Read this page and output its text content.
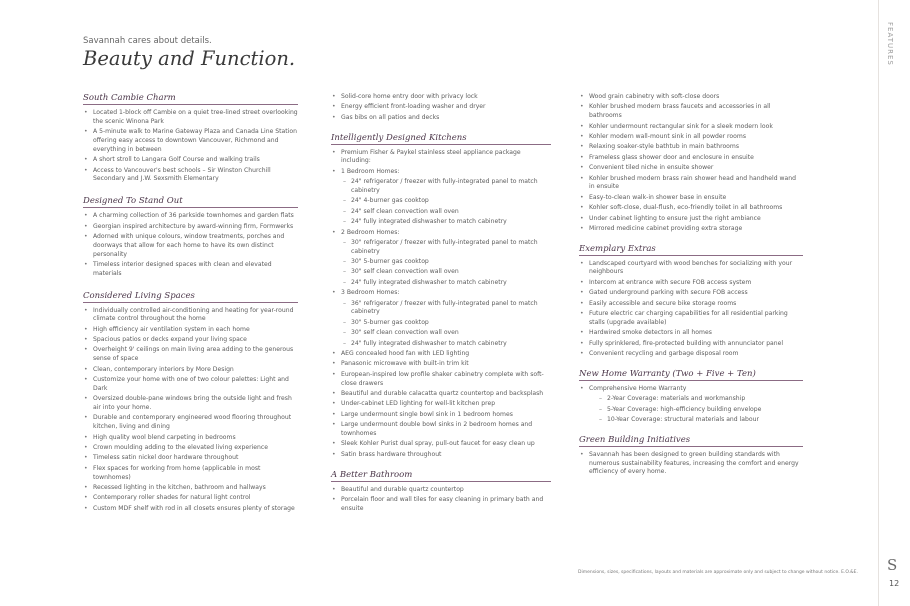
FEATURES
S
12
Savannah cares about details.
Beauty and Function.
South Cambie Charm
• Located 1-block off Cambie on a quiet tree-lined street overlooking the scenic Winona Park
• A 5-minute walk to Marine Gateway Plaza and Canada Line Station offering easy access to downtown Vancouver, Richmond and everything in between
• A short stroll to Langara Golf Course and walking trails
• Access to Vancouver's best schools – Sir Winston Churchill Secondary and J.W. Sexsmith Elementary
Designed To Stand Out
• A charming collection of 36 parkside townhomes and garden flats
• Georgian inspired architecture by award-winning firm, Formwerks
• Adorned with unique colours, window treatments, porches and doorways that allow for each home to have its own distinct personality
• Timeless interior designed spaces with clean and elevated materials
Considered Living Spaces
• Individually controlled air-conditioning and heating for year-round climate control throughout the home
• High efficiency air ventilation system in each home
• Spacious patios or decks expand your living space
• Overheight 9' ceilings on main living area adding to the generous sense of space
• Clean, contemporary interiors by More Design
• Customize your home with one of two colour palettes: Light and Dark
• Oversized double-pane windows bring the outside light and fresh air into your home.
• Durable and contemporary engineered wood flooring throughout kitchen, living and dining
• High quality wool blend carpeting in bedrooms
• Crown moulding adding to the elevated living experience
• Timeless satin nickel door hardware throughout
• Flex spaces for working from home (applicable in most townhomes)
• Recessed lighting in the kitchen, bathroom and hallways
• Contemporary roller shades for natural light control
• Custom MDF shelf with rod in all closets ensures plenty of storage
• Solid-core home entry door with privacy lock
• Energy efficient front-loading washer and dryer
• Gas bibs on all patios and decks
Intelligently Designed Kitchens
• Premium Fisher & Paykel stainless steel appliance package including:
• 1 Bedroom Homes:
– 24" refrigerator / freezer with fully-integrated panel to match cabinetry
– 24" 4-burner gas cooktop
– 24" self clean convection wall oven
– 24" fully integrated dishwasher to match cabinetry
• 2 Bedroom Homes:
– 30" refrigerator / freezer with fully-integrated panel to match cabinetry
– 30" 5-burner gas cooktop
– 30" self clean convection wall oven
– 24" fully integrated dishwasher to match cabinetry
• 3 Bedroom Homes:
– 36" refrigerator / freezer with fully-integrated panel to match cabinetry
– 30" 5-burner gas cooktop
– 30" self clean convection wall oven
– 24" fully integrated dishwasher to match cabinetry
• AEG concealed hood fan with LED lighting
• Panasonic microwave with built-in trim kit
• European-inspired low profile shaker cabinetry complete with soft-close drawers
• Beautiful and durable calacatta quartz countertop and backsplash
• Under-cabinet LED lighting for well-lit kitchen prep
• Large undermount single bowl sink in 1 bedroom homes
• Large undermount double bowl sinks in 2 bedroom homes and townhomes
• Sleek Kohler Purist dual spray, pull-out faucet for easy clean up
• Satin brass hardware throughout
A Better Bathroom
• Beautiful and durable quartz countertop
• Porcelain floor and wall tiles for easy cleaning in primary bath and ensuite
• Wood grain cabinetry with soft-close doors
• Kohler brushed modern brass faucets and accessories in all bathrooms
• Kohler undermount rectangular sink for a sleek modern look
• Kohler modern wall-mount sink in all powder rooms
• Relaxing soaker-style bathtub in main bathrooms
• Frameless glass shower door and enclosure in ensuite
• Convenient tiled niche in ensuite shower
• Kohler brushed modern brass rain shower head and handheld wand in ensuite
• Easy-to-clean walk-in shower base in ensuite
• Kohler soft-close, dual-flush, eco-friendly toilet in all bathrooms
• Under cabinet lighting to ensure just the right ambiance
• Mirrored medicine cabinet providing extra storage
Exemplary Extras
• Landscaped courtyard with wood benches for socializing with your neighbours
• Intercom at entrance with secure FOB access system
• Gated underground parking with secure FOB access
• Easily accessible and secure bike storage rooms
• Future electric car charging capabilities for all residential parking stalls (upgrade available)
• Hardwired smoke detectors in all homes
• Fully sprinklered, fire-protected building with annunciator panel
• Convenient recycling and garbage disposal room
New Home Warranty (Two + Five + Ten)
• Comprehensive Home Warranty
– 2-Year Coverage: materials and workmanship
– 5-Year Coverage: high-efficiency building envelope
– 10-Year Coverage: structural materials and labour
Green Building Initiatives
• Savannah has been designed to green building standards with numerous sustainability features, increasing the comfort and energy efficiency of every home.
Dimensions, sizes, specifications, layouts and materials are approximate only and subject to change without notice. E.O.&E.
